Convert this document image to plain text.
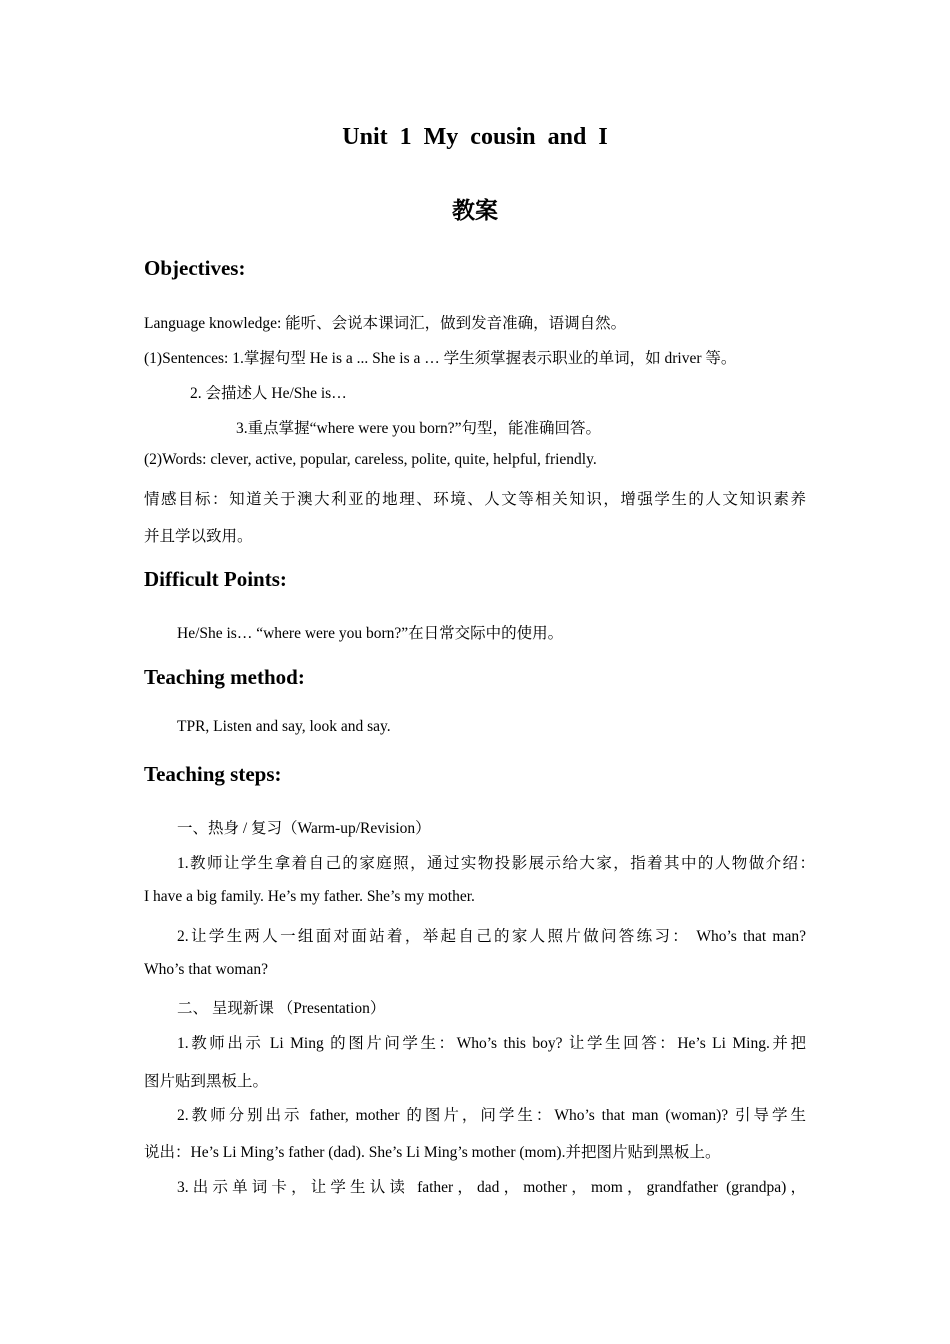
Unit 1 My cousin and I
教案
Objectives:
Language knowledge: 能听、会说本课词汇，做到发音准确，语调自然。
(1)Sentences: 1.掌握句型 He is a ... She is a … 学生须掌握表示职业的单词，如 driver 等。
2. 会描述人 He/She is…
3.重点掌握“where were you born?”句型，能准确回答。
(2)Words: clever, active, popular, careless, polite, quite, helpful, friendly.
情感目标：知道关于澳大利亚的地理、环境、人文等相关知识，增强学生的人文知识素养
并且学以致用。
Difficult Points:
He/She is… “where were you born?”在日常交际中的使用。
Teaching method:
TPR, Listen and say, look and say.
Teaching steps:
一、热身 / 复习（Warm-up/Revision）
1.教师让学生拿着自己的家庭照，通过实物投影展示给大家，指着其中的人物做介绍：
I have a big family. He’s my father. She’s my mother.
2.让学生两人一组面对面站着，举起自己的家人照片做问答练习： Who’s that man?
Who’s that woman?
二、 呈现新课 （Presentation）
1.教师出示 Li Ming 的图片问学生：Who’s this boy? 让学生回答：He’s Li Ming.并把
图片贴到黑板上。
2.教师分别出示 father, mother 的图片，问学生：Who’s that man (woman)? 引导学生
说出：He’s Li Ming’s father (dad). She’s Li Ming’s mother (mom).并把图片贴到黑板上。
3.出示单词卡，让学生认读 father，dad，mother，mom，grandfather (grandpa)，
